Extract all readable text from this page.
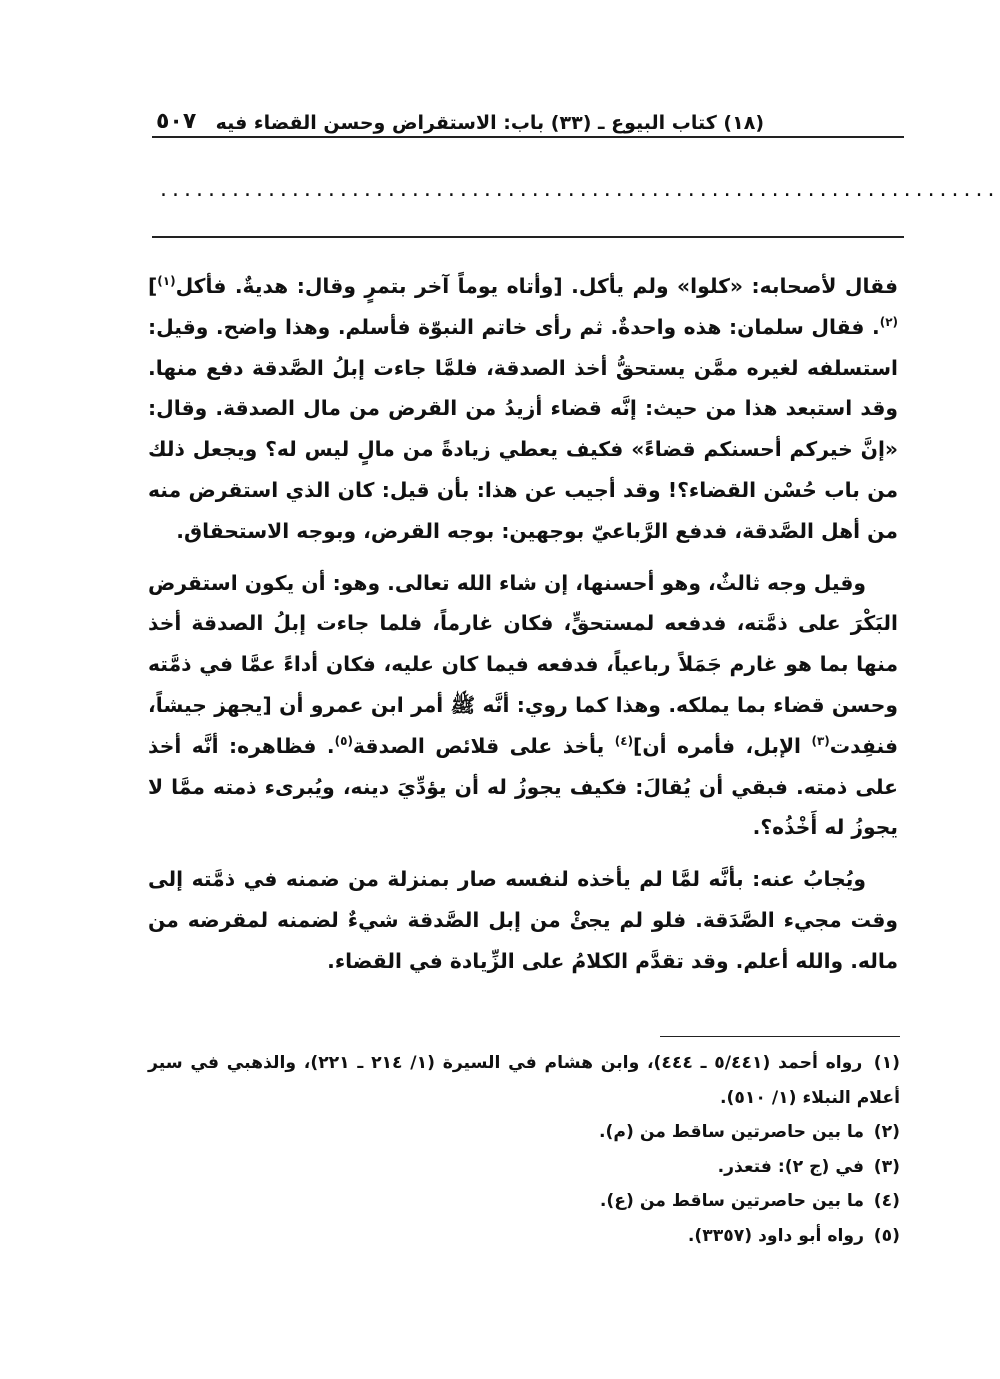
(١٨) كتاب البيوع ـ (٣٣) باب: الاستقراض وحسن القضاء فيه
٥٠٧
......................................................................

فقال لأصحابه: «كلوا» ولم يأكل. [وأتاه يوماً آخر بتمرٍ وقال: هديةٌ. فأكل$^{(١)}$]$^{(٢)}$. فقال سلمان: هذه واحدةٌ. ثم رأى خاتم النبوّة فأسلم. وهذا واضح. وقيل: استسلفه لغيره ممَّن يستحقُّ أخذ الصدقة، فلمَّا جاءت إبلُ الصَّدقة دفع منها. وقد استبعد هذا من حيث: إنَّه قضاء أزيدُ من القرض من مال الصدقة. وقال: «إنَّ خيركم أحسنكم قضاءً» فكيف يعطي زيادةً من مالٍ ليس له؟ ويجعل ذلك من باب حُسْن القضاء؟! وقد أجيب عن هذا: بأن قيل: كان الذي استقرض منه من أهل الصَّدقة، فدفع الرَّباعيّ بوجهين: بوجه القرض، وبوجه الاستحقاق.

وقيل وجه ثالثٌ، وهو أحسنها، إن شاء الله تعالى. وهو: أن يكون استقرض البَكْرَ على ذمَّته، فدفعه لمستحقٍّ، فكان غارماً، فلما جاءت إبلُ الصدقة أخذ منها بما هو غارم جَمَلاً رباعياً، فدفعه فيما كان عليه، فكان أداءً عمَّا في ذمَّته وحسن قضاء بما يملكه. وهذا كما روي: أنَّه ﷺ أمر ابن عمرو أن [يجهز جيشاً، فنفِدت$^{(٣)}$ الإبل، فأمره أن]$^{(٤)}$ يأخذ على قلائص الصدقة$^{(٥)}$. فظاهره: أنَّه أخذ على ذمته. فبقي أن يُقالَ: فكيف يجوزُ له أن يؤدِّيَ دينه، ويُبرىء ذمته ممَّا لا يجوزُ له أَخْذُه؟.

ويُجابُ عنه: بأنَّه لمَّا لم يأخذه لنفسه صار بمنزلة من ضمنه في ذمَّته إلى وقت مجيء الصَّدَقة. فلو لم يجئْ من إبل الصَّدقة شيءٌ لضمنه لمقرضه من ماله. والله أعلم. وقد تقدَّم الكلامُ على الزِّيادة في القضاء.

(١) رواه أحمد (٥/٤٤١ ـ ٤٤٤)، وابن هشام في السيرة (١/ ٢١٤ ـ ٢٢١)، والذهبي في سير أعلام النبلاء (١/ ٥١٠).

(٢) ما بين حاصرتين ساقط من (م).

(٣) في (ج ٢): فتعذر.

(٤) ما بين حاصرتين ساقط من (ع).

(٥) رواه أبو داود (٣٣٥٧).
